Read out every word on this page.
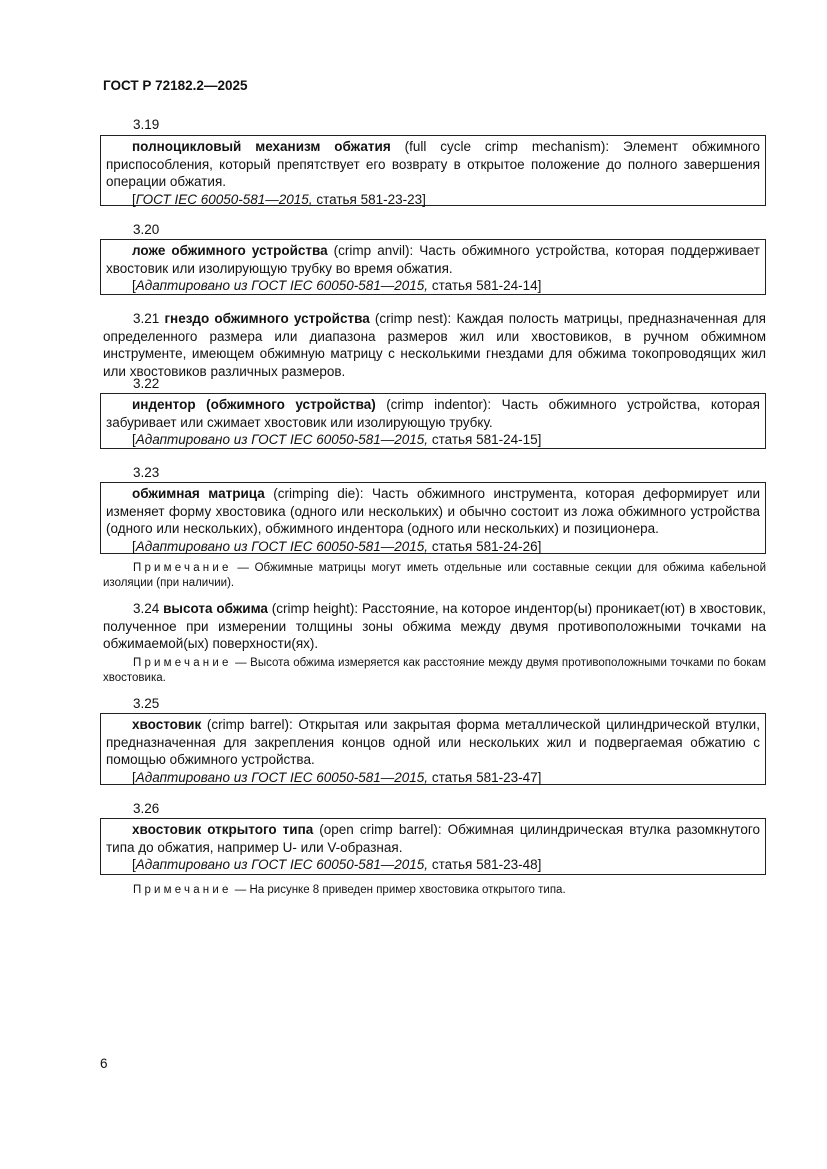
ГОСТ Р 72182.2—2025
3.19

полноцикловый механизм обжатия (full cycle crimp mechanism): Элемент обжимного приспособления, который препятствует его возврату в открытое положение до полного завершения операции обжатия.

[ГОСТ IEC 60050-581—2015, статья 581-23-23]

3.20

ложе обжимного устройства (crimp anvil): Часть обжимного устройства, которая поддерживает хвостовик или изолирующую трубку во время обжатия.

[Адаптировано из ГОСТ IEC 60050-581—2015, статья 581-24-14]

3.21 гнездо обжимного устройства (crimp nest): Каждая полость матрицы, предназначенная для определенного размера или диапазона размеров жил или хвостовиков, в ручном обжимном инструменте, имеющем обжимную матрицу с несколькими гнездами для обжима токопроводящих жил или хвостовиков различных размеров.

3.22

индентор (обжимного устройства) (crimp indentor): Часть обжимного устройства, которая забуривает или сжимает хвостовик или изолирующую трубку.

[Адаптировано из ГОСТ IEC 60050-581—2015, статья 581-24-15]

3.23

обжимная матрица (crimping die): Часть обжимного инструмента, которая деформирует или изменяет форму хвостовика (одного или нескольких) и обычно состоит из ложа обжимного устройства (одного или нескольких), обжимного индентора (одного или нескольких) и позиционера.

[Адаптировано из ГОСТ IEC 60050-581—2015, статья 581-24-26]

Примечание — Обжимные матрицы могут иметь отдельные или составные секции для обжима кабельной изоляции (при наличии).

3.24 высота обжима (crimp height): Расстояние, на которое индентор(ы) проникает(ют) в хвостовик, полученное при измерении толщины зоны обжима между двумя противоположными точками на обжимаемой(ых) поверхности(ях).

Примечание — Высота обжима измеряется как расстояние между двумя противоположными точками по бокам хвостовика.

3.25

хвостовик (crimp barrel): Открытая или закрытая форма металлической цилиндрической втулки, предназначенная для закрепления концов одной или нескольких жил и подвергаемая обжатию с помощью обжимного устройства.

[Адаптировано из ГОСТ IEC 60050-581—2015, статья 581-23-47]

3.26

хвостовик открытого типа (open crimp barrel): Обжимная цилиндрическая втулка разомкнутого типа до обжатия, например U- или V-образная.

[Адаптировано из ГОСТ IEC 60050-581—2015, статья 581-23-48]

Примечание — На рисунке 8 приведен пример хвостовика открытого типа.

6
